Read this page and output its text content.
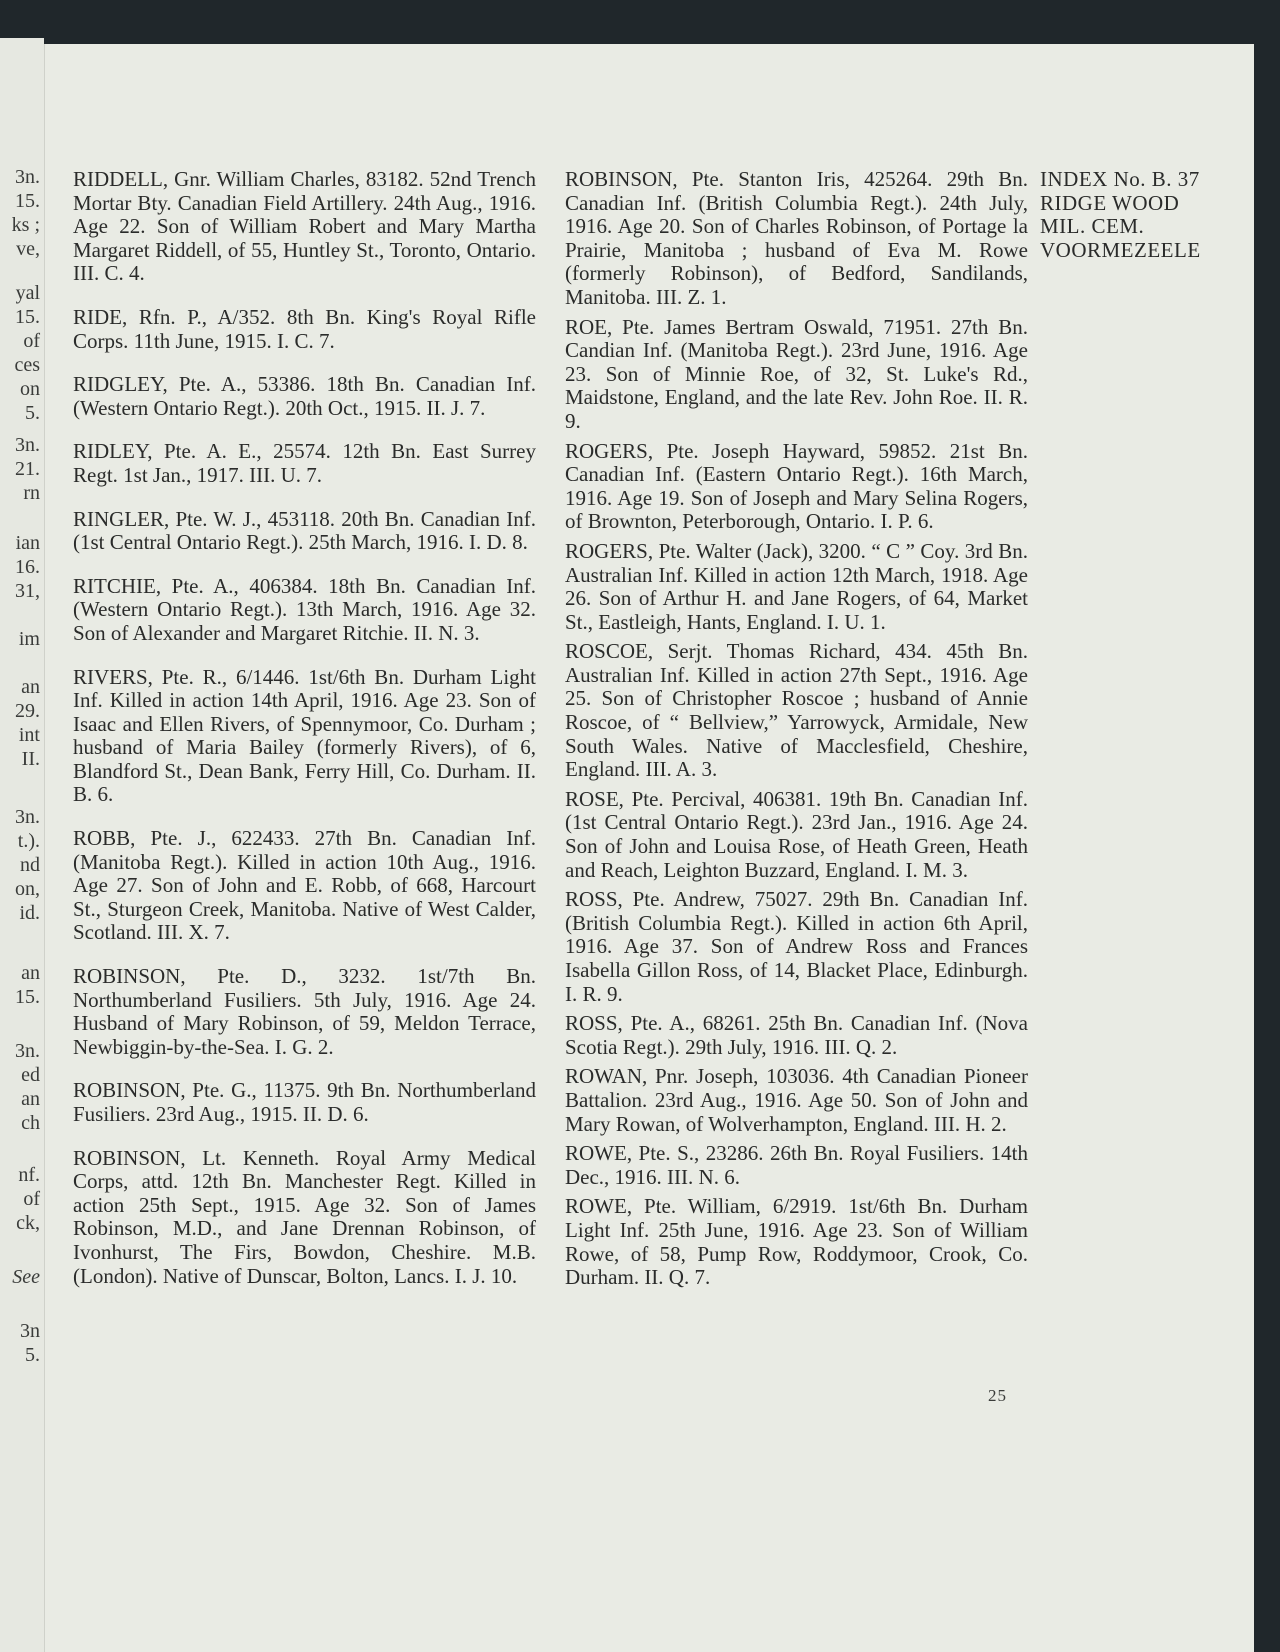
3n.
15.
ks ;
ve,
yal
15.
of
ces
on
5.
3n.
21.
rn
ian
16.
31,
im
an
29.
int
II.
3n.
t.).
nd
on,
id.
an
15.
3n.
ed
an
ch
nf.
of
ck,
See
3n
5.

RIDDELL, Gnr. William Charles, 83182. 52nd Trench Mortar Bty. Canadian Field Artillery. 24th Aug., 1916. Age 22. Son of William Robert and Mary Martha Margaret Riddell, of 55, Huntley St., Toronto, Ontario. III. C. 4.

RIDE, Rfn. P., A/352. 8th Bn. King's Royal Rifle Corps. 11th June, 1915. I. C. 7.

RIDGLEY, Pte. A., 53386. 18th Bn. Canadian Inf. (Western Ontario Regt.). 20th Oct., 1915. II. J. 7.

RIDLEY, Pte. A. E., 25574. 12th Bn. East Surrey Regt. 1st Jan., 1917. III. U. 7.

RINGLER, Pte. W. J., 453118. 20th Bn. Canadian Inf. (1st Central Ontario Regt.). 25th March, 1916. I. D. 8.

RITCHIE, Pte. A., 406384. 18th Bn. Canadian Inf. (Western Ontario Regt.). 13th March, 1916. Age 32. Son of Alexander and Margaret Ritchie. II. N. 3.

RIVERS, Pte. R., 6/1446. 1st/6th Bn. Durham Light Inf. Killed in action 14th April, 1916. Age 23. Son of Isaac and Ellen Rivers, of Spennymoor, Co. Durham ; husband of Maria Bailey (formerly Rivers), of 6, Blandford St., Dean Bank, Ferry Hill, Co. Durham. II. B. 6.

ROBB, Pte. J., 622433. 27th Bn. Canadian Inf. (Manitoba Regt.). Killed in action 10th Aug., 1916. Age 27. Son of John and E. Robb, of 668, Harcourt St., Sturgeon Creek, Manitoba. Native of West Calder, Scotland. III. X. 7.

ROBINSON, Pte. D., 3232. 1st/7th Bn. Northumberland Fusiliers. 5th July, 1916. Age 24. Husband of Mary Robinson, of 59, Meldon Terrace, Newbiggin-by-the-Sea. I. G. 2.

ROBINSON, Pte. G., 11375. 9th Bn. Northumberland Fusiliers. 23rd Aug., 1915. II. D. 6.

ROBINSON, Lt. Kenneth. Royal Army Medical Corps, attd. 12th Bn. Manchester Regt. Killed in action 25th Sept., 1915. Age 32. Son of James Robinson, M.D., and Jane Drennan Robinson, of Ivonhurst, The Firs, Bowdon, Cheshire. M.B. (London). Native of Dunscar, Bolton, Lancs. I. J. 10.

ROBINSON, Pte. Stanton Iris, 425264. 29th Bn. Canadian Inf. (British Columbia Regt.). 24th July, 1916. Age 20. Son of Charles Robinson, of Portage la Prairie, Manitoba ; husband of Eva M. Rowe (formerly Robinson), of Bedford, Sandilands, Manitoba. III. Z. 1.

ROE, Pte. James Bertram Oswald, 71951. 27th Bn. Candian Inf. (Manitoba Regt.). 23rd June, 1916. Age 23. Son of Minnie Roe, of 32, St. Luke's Rd., Maidstone, England, and the late Rev. John Roe. II. R. 9.

ROGERS, Pte. Joseph Hayward, 59852. 21st Bn. Canadian Inf. (Eastern Ontario Regt.). 16th March, 1916. Age 19. Son of Joseph and Mary Selina Rogers, of Brownton, Peterborough, Ontario. I. P. 6.

ROGERS, Pte. Walter (Jack), 3200. “ C ” Coy. 3rd Bn. Australian Inf. Killed in action 12th March, 1918. Age 26. Son of Arthur H. and Jane Rogers, of 64, Market St., Eastleigh, Hants, England. I. U. 1.

ROSCOE, Serjt. Thomas Richard, 434. 45th Bn. Australian Inf. Killed in action 27th Sept., 1916. Age 25. Son of Christopher Roscoe ; husband of Annie Roscoe, of “ Bellview,” Yarrowyck, Armidale, New South Wales. Native of Macclesfield, Cheshire, England. III. A. 3.

ROSE, Pte. Percival, 406381. 19th Bn. Canadian Inf. (1st Central Ontario Regt.). 23rd Jan., 1916. Age 24. Son of John and Louisa Rose, of Heath Green, Heath and Reach, Leighton Buzzard, England. I. M. 3.

ROSS, Pte. Andrew, 75027. 29th Bn. Canadian Inf. (British Columbia Regt.). Killed in action 6th April, 1916. Age 37. Son of Andrew Ross and Frances Isabella Gillon Ross, of 14, Blacket Place, Edinburgh. I. R. 9.

ROSS, Pte. A., 68261. 25th Bn. Canadian Inf. (Nova Scotia Regt.). 29th July, 1916. III. Q. 2.

ROWAN, Pnr. Joseph, 103036. 4th Canadian Pioneer Battalion. 23rd Aug., 1916. Age 50. Son of John and Mary Rowan, of Wolverhampton, England. III. H. 2.

ROWE, Pte. S., 23286. 26th Bn. Royal Fusiliers. 14th Dec., 1916. III. N. 6.

ROWE, Pte. William, 6/2919. 1st/6th Bn. Durham Light Inf. 25th June, 1916. Age 23. Son of William Rowe, of 58, Pump Row, Roddymoor, Crook, Co. Durham. II. Q. 7.

INDEX No. B. 37
RIDGE WOOD
MIL. CEM.
VOORMEZEELE
25
